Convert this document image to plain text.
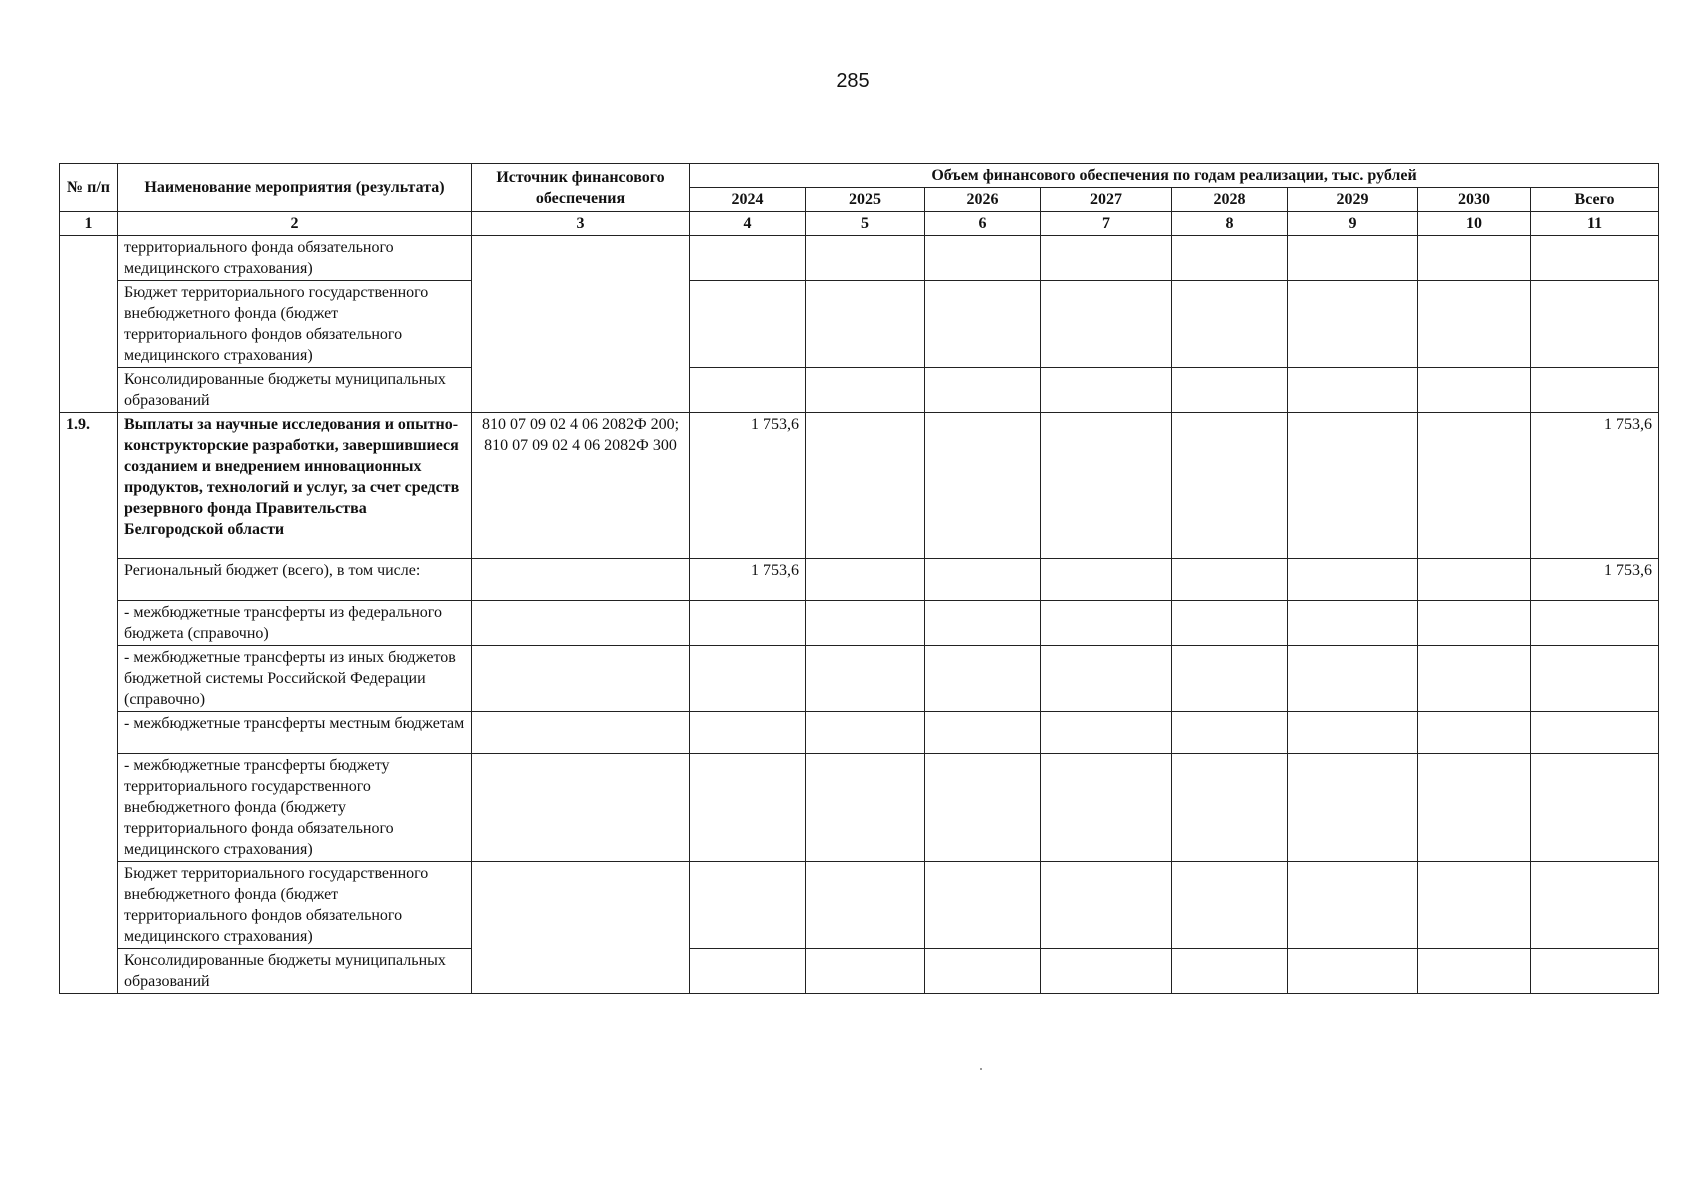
285
№ п/п	Наименование мероприятия (результата)	Источник финансового обеспечения	Объем финансового обеспечения по годам реализации, тыс. рублей							
			2024	2025	2026	2027	2028	2029	2030	Всего
1	2	3	4	5	6	7	8	9	10	11
	территориального фонда обязательного медицинского страхования)									
	Бюджет территориального государственного внебюджетного фонда (бюджет территориального фондов обязательного медицинского страхования)									
	Консолидированные бюджеты муниципальных образований									
1.9.	Выплаты за научные исследования и опытно-конструкторские разработки, завершившиеся созданием и внедрением инновационных продуктов, технологий и услуг, за счет средств резервного фонда Правительства Белгородской области	810 07 09 02 4 06 2082Ф 200; 810 07 09 02 4 06 2082Ф 300	1 753,6							1 753,6
	Региональный бюджет (всего), в том числе:		1 753,6							1 753,6
	- межбюджетные трансферты из федерального бюджета (справочно)									
	- межбюджетные трансферты из иных бюджетов бюджетной системы Российской Федерации (справочно)									
	- межбюджетные трансферты местным бюджетам									
	- межбюджетные трансферты бюджету территориального государственного внебюджетного фонда (бюджету территориального фонда обязательного медицинского страхования)									
	Бюджет территориального государственного внебюджетного фонда (бюджет территориального фондов обязательного медицинского страхования)									
	Консолидированные бюджеты муниципальных образований									
